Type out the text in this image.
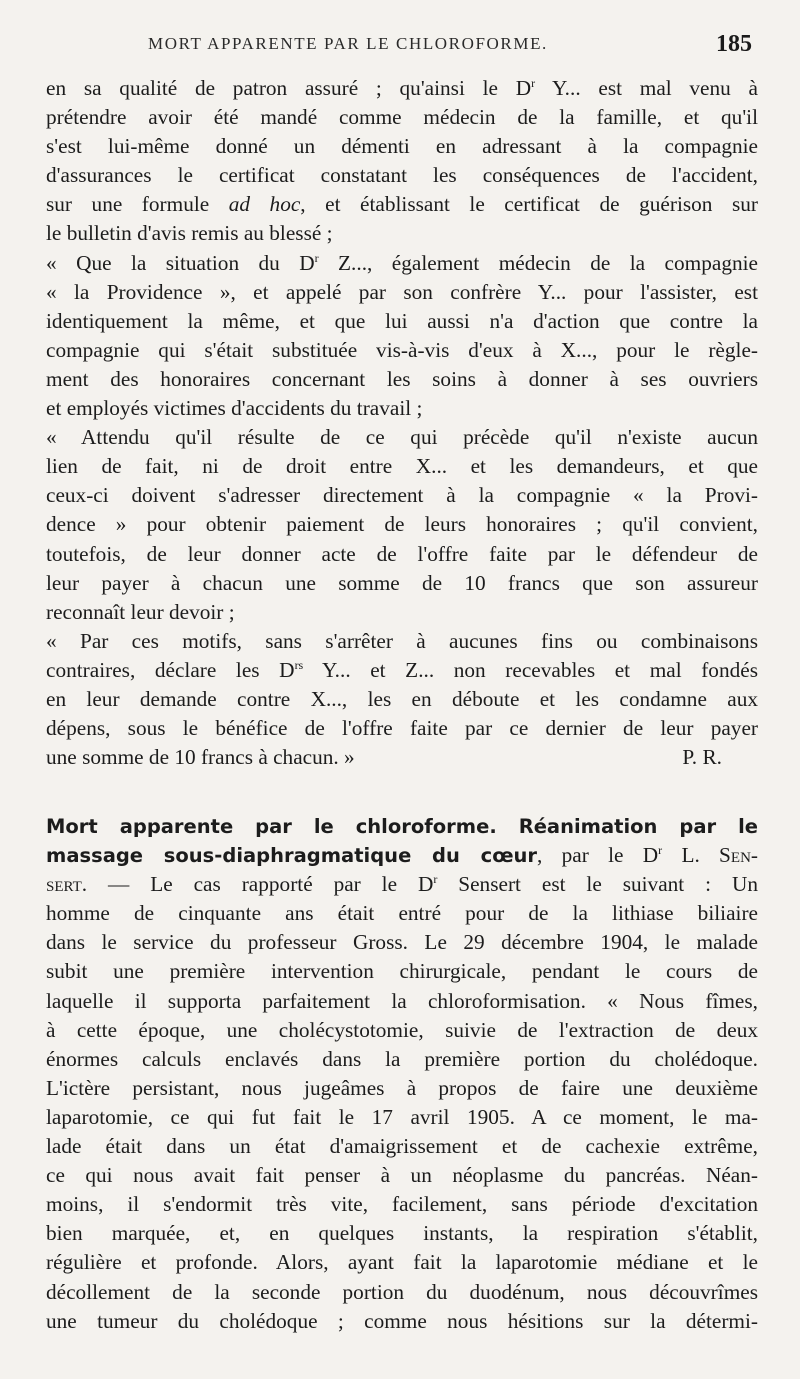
MORT APPARENTE PAR LE CHLOROFORME.	185
en sa qualité de patron assuré ; qu'ainsi le $D^r$ Y... est mal venu à
prétendre avoir été mandé comme médecin de la famille, et qu'il
s'est lui-même donné un démenti en adressant à la compagnie
d'assurances le certificat constatant les conséquences de l'accident,
sur une formule ad hoc, et établissant le certificat de guérison sur
le bulletin d'avis remis au blessé ;
« Que la situation du $D^r$ Z..., également médecin de la compagnie
« la Providence », et appelé par son confrère Y... pour l'assister, est
identiquement la même, et que lui aussi n'a d'action que contre la
compagnie qui s'était substituée vis-à-vis d'eux à X..., pour le règle-
ment des honoraires concernant les soins à donner à ses ouvriers
et employés victimes d'accidents du travail ;
« Attendu qu'il résulte de ce qui précède qu'il n'existe aucun
lien de fait, ni de droit entre X... et les demandeurs, et que
ceux-ci doivent s'adresser directement à la compagnie « la Provi-
dence » pour obtenir paiement de leurs honoraires ; qu'il convient,
toutefois, de leur donner acte de l'offre faite par le défendeur de
leur payer à chacun une somme de 10 francs que son assureur
reconnaît leur devoir ;
« Par ces motifs, sans s'arrêter à aucunes fins ou combinaisons
contraires, déclare les $D^{rs}$ Y... et Z... non recevables et mal fondés
en leur demande contre X..., les en déboute et les condamne aux
dépens, sous le bénéfice de l'offre faite par ce dernier de leur payer
une somme de 10 francs à chacun. »	P. R.
Mort apparente par le chloroforme. Réanimation par le
massage sous-diaphragmatique du cœur, par le $D^r$ L. Sen-
sert. — Le cas rapporté par le $D^r$ Sensert est le suivant : Un
homme de cinquante ans était entré pour de la lithiase biliaire
dans le service du professeur Gross. Le 29 décembre 1904, le malade
subit une première intervention chirurgicale, pendant le cours de
laquelle il supporta parfaitement la chloroformisation. « Nous fîmes,
à cette époque, une cholécystotomie, suivie de l'extraction de deux
énormes calculs enclavés dans la première portion du cholédoque.
L'ictère persistant, nous jugeâmes à propos de faire une deuxième
laparotomie, ce qui fut fait le 17 avril 1905. A ce moment, le ma-
lade était dans un état d'amaigrissement et de cachexie extrême,
ce qui nous avait fait penser à un néoplasme du pancréas. Néan-
moins, il s'endormit très vite, facilement, sans période d'excitation
bien marquée, et, en quelques instants, la respiration s'établit,
régulière et profonde. Alors, ayant fait la laparotomie médiane et le
décollement de la seconde portion du duodénum, nous découvrîmes
une tumeur du cholédoque ; comme nous hésitions sur la détermi-
